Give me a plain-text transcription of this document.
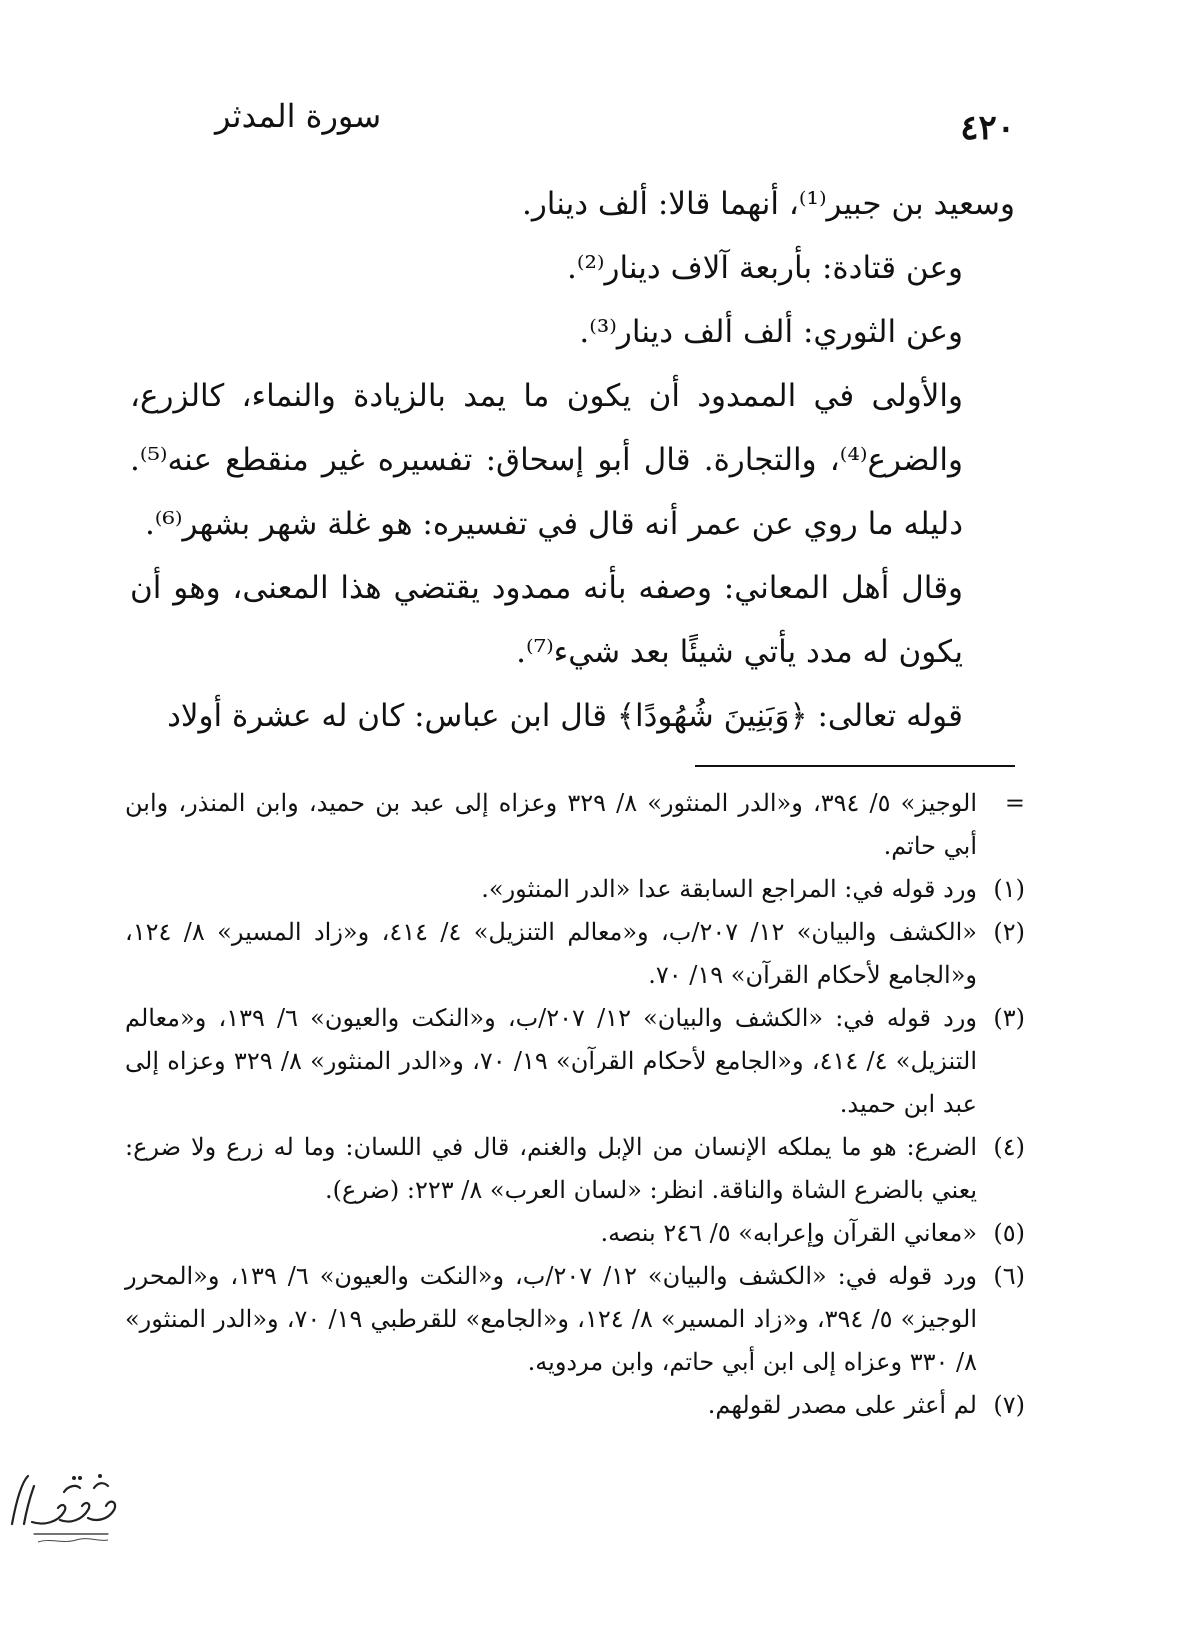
٤٢٠
سورة المدثر

وسعيد بن جبير⁽¹⁾، أنهما قالا: ألف دينار.

وعن قتادة: بأربعة آلاف دينار⁽²⁾.

وعن الثوري: ألف ألف دينار⁽³⁾.

والأولى في الممدود أن يكون ما يمد بالزيادة والنماء، كالزرع، والضرع⁽⁴⁾، والتجارة. قال أبو إسحاق: تفسيره غير منقطع عنه⁽⁵⁾. دليله ما روي عن عمر أنه قال في تفسيره: هو غلة شهر بشهر⁽⁶⁾.

وقال أهل المعاني: وصفه بأنه ممدود يقتضي هذا المعنى، وهو أن يكون له مدد يأتي شيئًا بعد شيء⁽⁷⁾.

قوله تعالى: ﴿وَبَنِينَ شُهُودًا﴾ قال ابن عباس: كان له عشرة أولاد

=
الوجيز» ٥/ ٣٩٤، و«الدر المنثور» ٨/ ٣٢٩ وعزاه إلى عبد بن حميد، وابن المنذر، وابن أبي حاتم.
(١)
ورد قوله في: المراجع السابقة عدا «الدر المنثور».
(٢)
«الكشف والبيان» ١٢/ ٢٠٧/ب، و«معالم التنزيل» ٤/ ٤١٤، و«زاد المسير» ٨/ ١٢٤، و«الجامع لأحكام القرآن» ١٩/ ٧٠.
(٣)
ورد قوله في: «الكشف والبيان» ١٢/ ٢٠٧/ب، و«النكت والعيون» ٦/ ١٣٩، و«معالم التنزيل» ٤/ ٤١٤، و«الجامع لأحكام القرآن» ١٩/ ٧٠، و«الدر المنثور» ٨/ ٣٢٩ وعزاه إلى عبد ابن حميد.
(٤)
الضرع: هو ما يملكه الإنسان من الإبل والغنم، قال في اللسان: وما له زرع ولا ضرع: يعني بالضرع الشاة والناقة. انظر: «لسان العرب» ٨/ ٢٢٣: (ضرع).
(٥)
«معاني القرآن وإعرابه» ٥/ ٢٤٦ بنصه.
(٦)
ورد قوله في: «الكشف والبيان» ١٢/ ٢٠٧/ب، و«النكت والعيون» ٦/ ١٣٩، و«المحرر الوجيز» ٥/ ٣٩٤، و«زاد المسير» ٨/ ١٢٤، و«الجامع» للقرطبي ١٩/ ٧٠، و«الدر المنثور» ٨/ ٣٣٠ وعزاه إلى ابن أبي حاتم، وابن مردويه.
(٧)
لم أعثر على مصدر لقولهم.
